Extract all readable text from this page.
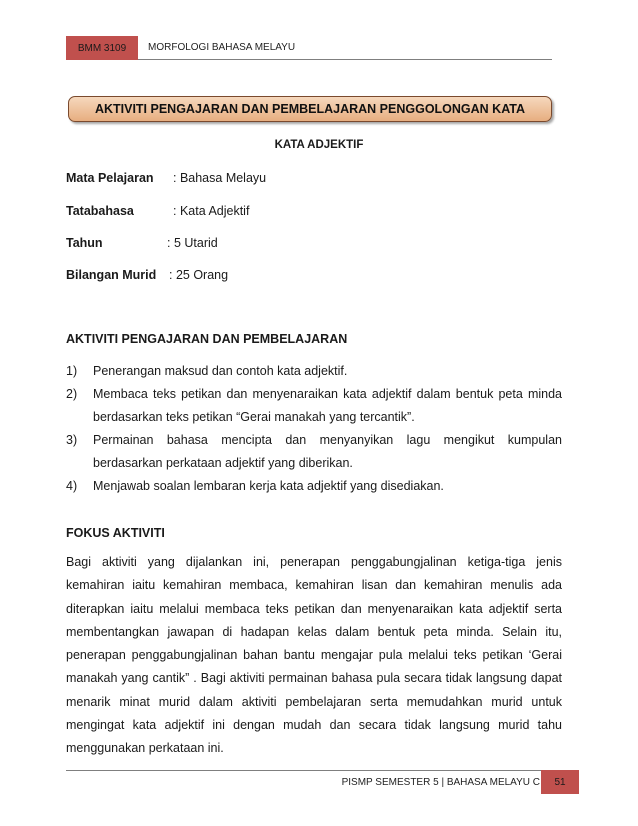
BMM 3109	MORFOLOGI BAHASA MELAYU
AKTIVITI PENGAJARAN DAN PEMBELAJARAN PENGGOLONGAN KATA
KATA ADJEKTIF
Mata Pelajaran : Bahasa Melayu
Tatabahasa	: Kata Adjektif
Tahun	: 5 Utarid
Bilangan Murid : 25 Orang
AKTIVITI PENGAJARAN DAN PEMBELAJARAN
1) Penerangan maksud dan contoh kata adjektif.
2) Membaca teks petikan dan menyenaraikan kata adjektif dalam bentuk peta minda
berdasarkan teks petikan “Gerai manakah yang tercantik”.
3) Permainan bahasa mencipta dan menyanyikan lagu mengikut kumpulan
berdasarkan perkataan adjektif yang diberikan.
4) Menjawab soalan lembaran kerja kata adjektif yang disediakan.
FOKUS AKTIVITI
Bagi aktiviti yang dijalankan ini, penerapan penggabungjalinan ketiga-tiga jenis kemahiran iaitu kemahiran membaca, kemahiran lisan dan kemahiran menulis ada diterapkan iaitu melalui membaca teks petikan dan menyenaraikan kata adjektif serta membentangkan jawapan di hadapan kelas dalam bentuk peta minda. Selain itu, penerapan penggabungjalinan bahan bantu mengajar pula melalui teks petikan ‘Gerai manakah yang cantik” . Bagi aktiviti permainan bahasa pula secara tidak langsung dapat menarik minat murid dalam aktiviti pembelajaran serta memudahkan murid untuk mengingat kata adjektif ini dengan mudah dan secara tidak langsung murid tahu menggunakan perkataan ini.
PISMP SEMESTER 5 | BAHASA MELAYU C	51
